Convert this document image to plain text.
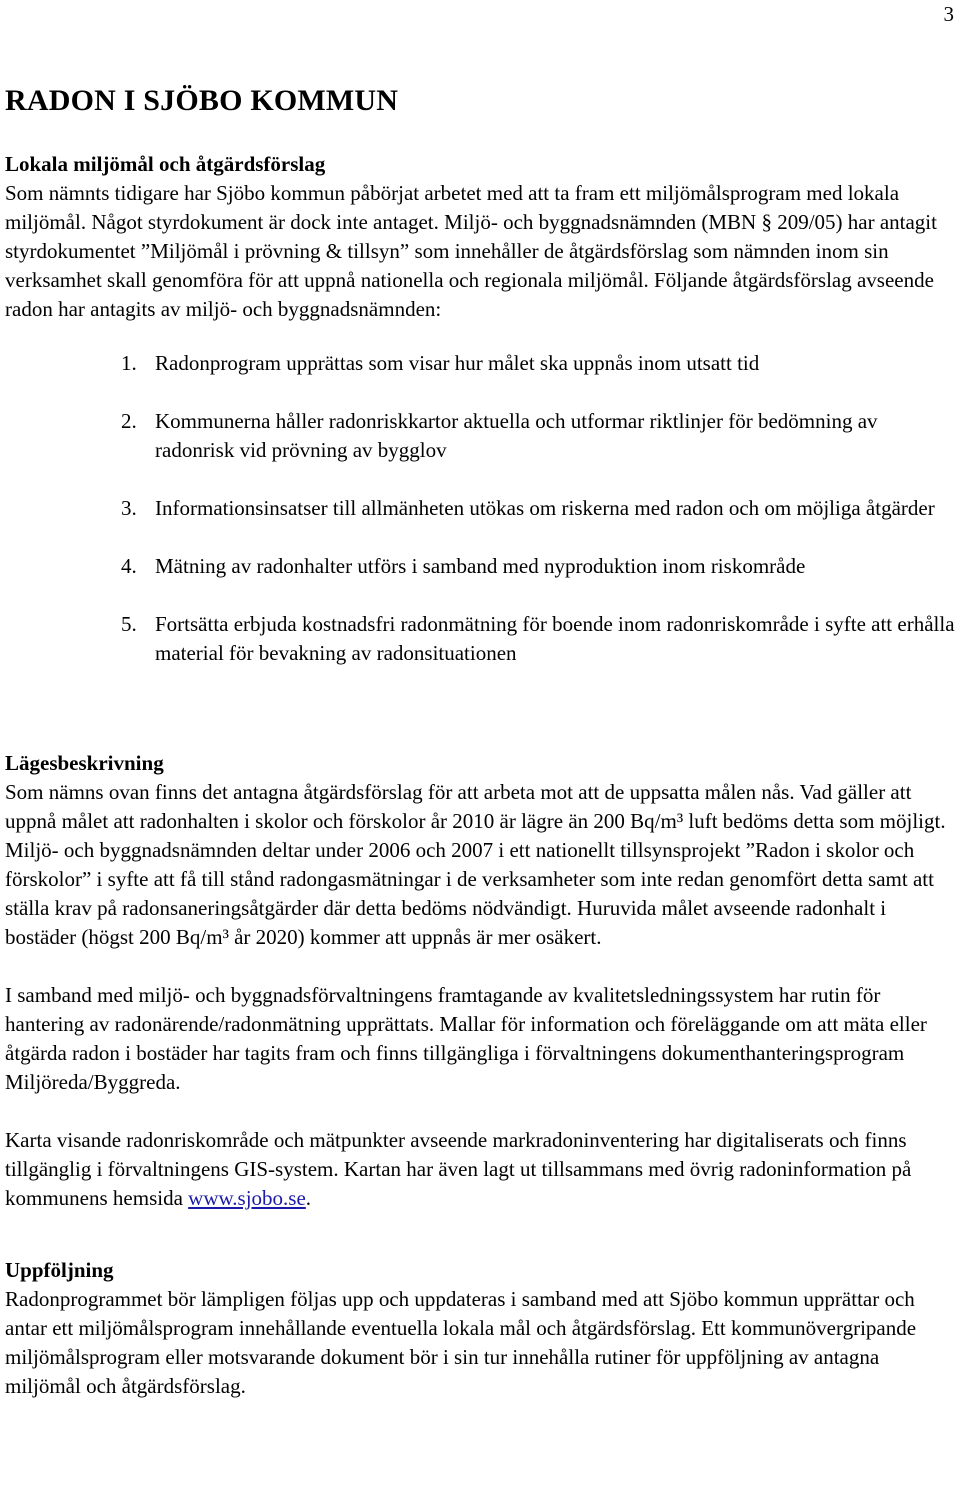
3
RADON I SJÖBO KOMMUN
Lokala miljömål och åtgärdsförslag

Som nämnts tidigare har Sjöbo kommun påbörjat arbetet med att ta fram ett miljömålsprogram med lokala miljömål. Något styrdokument är dock inte antaget. Miljö- och byggnadsnämnden (MBN § 209/05) har antagit styrdokumentet ”Miljömål i prövning & tillsyn” som innehåller de åtgärdsförslag som nämnden inom sin verksamhet skall genomföra för att uppnå nationella och regionala miljömål. Följande åtgärdsförslag avseende radon har antagits av miljö- och byggnadsnämnden:

1. Radonprogram upprättas som visar hur målet ska uppnås inom utsatt tid
2. Kommunerna håller radonriskkartor aktuella och utformar riktlinjer för bedömning av radonrisk vid prövning av bygglov
3. Informationsinsatser till allmänheten utökas om riskerna med radon och om möjliga åtgärder
4. Mätning av radonhalter utförs i samband med nyproduktion inom riskområde
5. Fortsätta erbjuda kostnadsfri radonmätning för boende inom radonriskområde i syfte att erhålla material för bevakning av radonsituationen
Lägesbeskrivning

Som nämns ovan finns det antagna åtgärdsförslag för att arbeta mot att de uppsatta målen nås. Vad gäller att uppnå målet att radonhalten i skolor och förskolor år 2010 är lägre än 200 Bq/m³ luft bedöms detta som möjligt. Miljö- och byggnadsnämnden deltar under 2006 och 2007 i ett nationellt tillsynsprojekt ”Radon i skolor och förskolor” i syfte att få till stånd radongasmätningar i de verksamheter som inte redan genomfört detta samt att ställa krav på radonsaneringsåtgärder där detta bedöms nödvändigt. Huruvida målet avseende radonhalt i bostäder (högst 200 Bq/m³ år 2020) kommer att uppnås är mer osäkert.

I samband med miljö- och byggnadsförvaltningens framtagande av kvalitetsledningssystem har rutin för hantering av radonärende/radonmätning upprättats. Mallar för information och föreläggande om att mäta eller åtgärda radon i bostäder har tagits fram och finns tillgängliga i förvaltningens dokumenthanteringsprogram Miljöreda/Byggreda.

Karta visande radonriskområde och mätpunkter avseende markradoninventering har digitaliserats och finns tillgänglig i förvaltningens GIS-system. Kartan har även lagt ut tillsammans med övrig radoninformation på kommunens hemsida www.sjobo.se.

Uppföljning

Radonprogrammet bör lämpligen följas upp och uppdateras i samband med att Sjöbo kommun upprättar och antar ett miljömålsprogram innehållande eventuella lokala mål och åtgärdsförslag. Ett kommunövergripande miljömålsprogram eller motsvarande dokument bör i sin tur innehålla rutiner för uppföljning av antagna miljömål och åtgärdsförslag.
